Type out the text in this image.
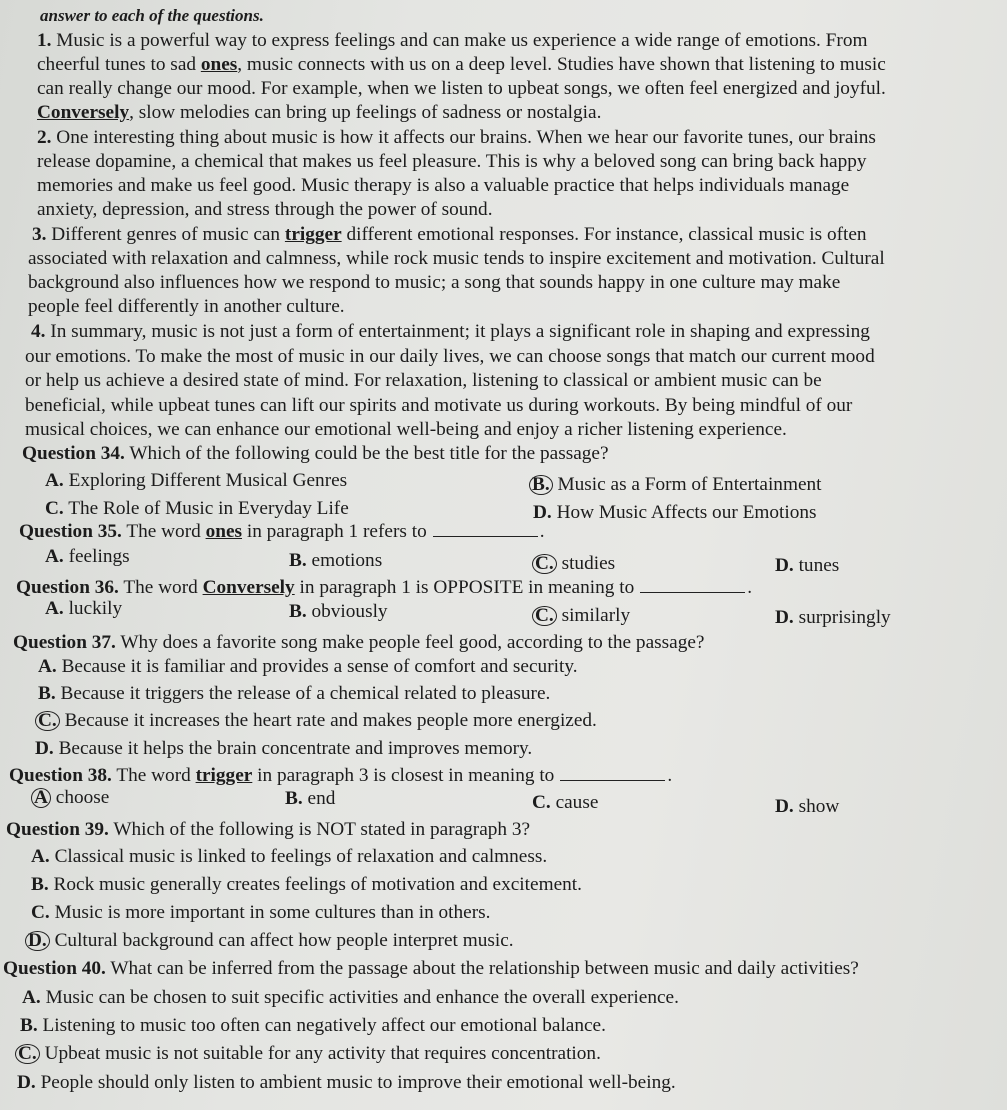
answer to each of the questions.
1. Music is a powerful way to express feelings and can make us experience a wide range of emotions. From
cheerful tunes to sad ones, music connects with us on a deep level. Studies have shown that listening to music
can really change our mood. For example, when we listen to upbeat songs, we often feel energized and joyful.
Conversely, slow melodies can bring up feelings of sadness or nostalgia.
2. One interesting thing about music is how it affects our brains. When we hear our favorite tunes, our brains
release dopamine, a chemical that makes us feel pleasure. This is why a beloved song can bring back happy
memories and make us feel good. Music therapy is also a valuable practice that helps individuals manage
anxiety, depression, and stress through the power of sound.
3. Different genres of music can trigger different emotional responses. For instance, classical music is often
associated with relaxation and calmness, while rock music tends to inspire excitement and motivation. Cultural
background also influences how we respond to music; a song that sounds happy in one culture may make
people feel differently in another culture.
4. In summary, music is not just a form of entertainment; it plays a significant role in shaping and expressing
our emotions. To make the most of music in our daily lives, we can choose songs that match our current mood
or help us achieve a desired state of mind. For relaxation, listening to classical or ambient music can be
beneficial, while upbeat tunes can lift our spirits and motivate us during workouts. By being mindful of our
musical choices, we can enhance our emotional well-being and enjoy a richer listening experience.
Question 34. Which of the following could be the best title for the passage?
A. Exploring Different Musical Genres	B. Music as a Form of Entertainment
C. The Role of Music in Everyday Life	D. How Music Affects our Emotions
Question 35. The word ones in paragraph 1 refers to	.
A. feelings	B. emotions	C. studies	D. tunes
Question 36. The word Conversely in paragraph 1 is OPPOSITE in meaning to	.
A. luckily	B. obviously	C. similarly	D. surprisingly
Question 37. Why does a favorite song make people feel good, according to the passage?
A. Because it is familiar and provides a sense of comfort and security.
B. Because it triggers the release of a chemical related to pleasure.
C. Because it increases the heart rate and makes people more energized.
D. Because it helps the brain concentrate and improves memory.
Question 38. The word trigger in paragraph 3 is closest in meaning to	.
A choose	B. end	C. cause	D. show
Question 39. Which of the following is NOT stated in paragraph 3?
A. Classical music is linked to feelings of relaxation and calmness.
B. Rock music generally creates feelings of motivation and excitement.
C. Music is more important in some cultures than in others.
D. Cultural background can affect how people interpret music.
Question 40. What can be inferred from the passage about the relationship between music and daily activities?
A. Music can be chosen to suit specific activities and enhance the overall experience.
B. Listening to music too often can negatively affect our emotional balance.
C. Upbeat music is not suitable for any activity that requires concentration.
D. People should only listen to ambient music to improve their emotional well-being.
